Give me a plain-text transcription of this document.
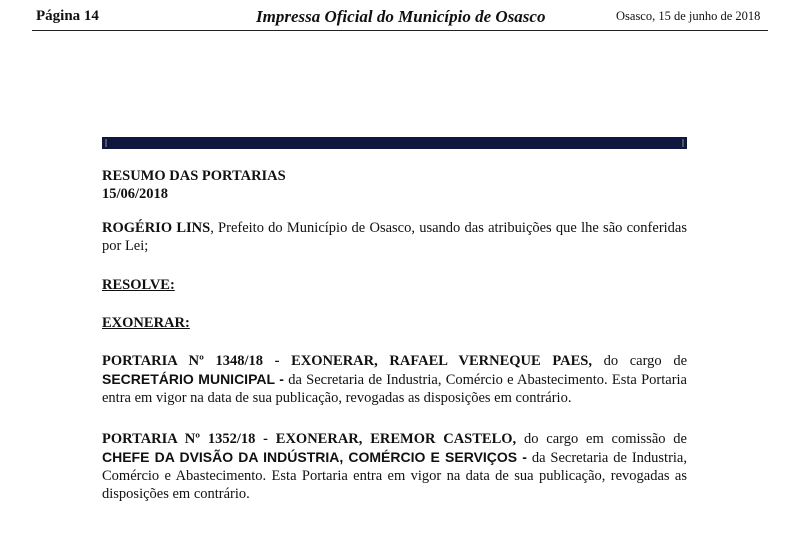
Página 14	Impressa Oficial do Município de Osasco	Osasco, 15 de junho de 2018

RESUMO DAS PORTARIAS

15/06/2018

ROGÉRIO LINS, Prefeito do Município de Osasco, usando das atribuições que lhe são conferidas por Lei;

RESOLVE:

EXONERAR:

PORTARIA Nº 1348/18 - EXONERAR, RAFAEL VERNEQUE PAES, do cargo de SECRETÁRIO MUNICIPAL - da Secretaria de Industria, Comércio e Abastecimento. Esta Portaria entra em vigor na data de sua publicação, revogadas as disposições em contrário.

PORTARIA Nº 1352/18 - EXONERAR, EREMOR CASTELO, do cargo em comissão de CHEFE DA DVISÃO DA INDÚSTRIA, COMÉRCIO E SERVIÇOS - da Secretaria de Industria, Comércio e Abastecimento. Esta Portaria entra em vigor na data de sua publicação, revogadas as disposições em contrário.
